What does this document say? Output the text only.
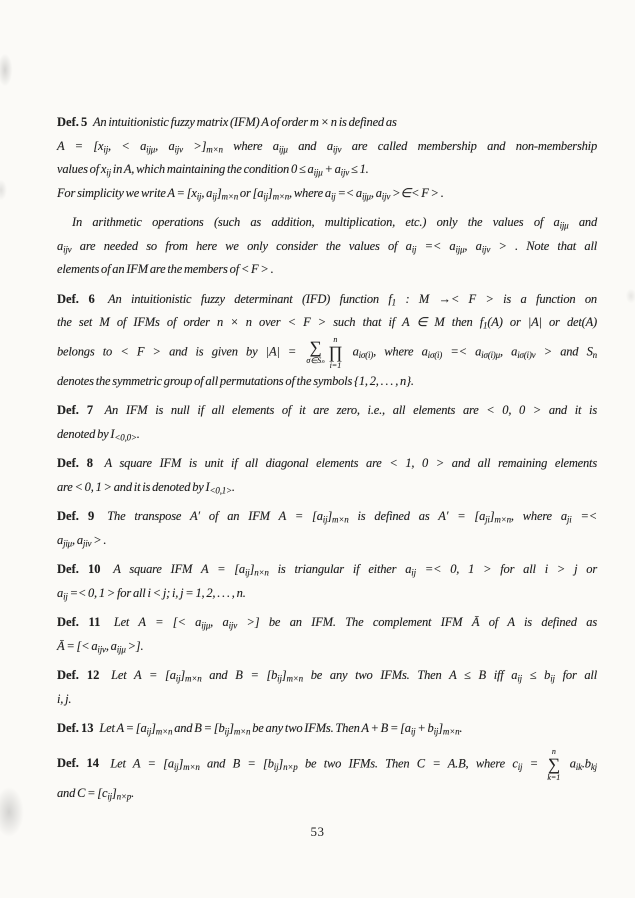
Def. 5 An intuitionistic fuzzy matrix (IFM) A of order m × n is defined as
$A = [x_{ij}$, < $a_{ij\mu}$, $a_{ij\nu} >]_{m\times n}$ where $a_{ij\mu}$ and $a_{ij\nu}$ are called membership and non-membership
values of $x_{ij}$ in A, which maintaining the condition $0 \le a_{ij\mu} + a_{ij\nu} \le 1$.
For simplicity we write $A = [x_{ij}$, $a_{ij}]_{m\times n}$ or $[a_{ij}]_{m\times n}$, where $a_{ij} =< a_{ij\mu}$, $a_{ij\nu}$ >∈< F > .
In arithmetic operations (such as addition, multiplication, etc.) only the values of $a_{ij\mu}$ and
$a_{ij\nu}$ are needed so from here we only consider the values of $a_{ij} =< a_{ij\mu}$, $a_{ij\nu}$ > . Note that all
elements of an IFM are the members of < F > .
Def. 6 An intuitionistic fuzzy determinant (IFD) function $f_1$ : M →< F > is a function on
the set M of IFMs of order n × n over < F > such that if A ∈ M then $f_1(A)$ or |A| or det(A)
belongs to < F > and is given by |A| = ∑
σ∈Sₙ
n
∏
i=1
$a_{i\sigma(i)}$, where $a_{i\sigma(i)} =< a_{i\sigma(i)\mu}$, $a_{i\sigma(i)\nu}$ > and $S_n$
denotes the symmetric group of all permutations of the symbols {1, 2, . . . , n}.
Def. 7 An IFM is null if all elements of it are zero, i.e., all elements are < 0, 0 > and it is
denoted by $I_{<0,0>}$.
Def. 8 A square IFM is unit if all diagonal elements are < 1, 0 > and all remaining elements
are < 0, 1 > and it is denoted by $I_{<0,1>}$.
Def. 9 The transpose A′ of an IFM $A = [a_{ij}]_{m\times n}$ is defined as $A' = [a_{ji}]_{m\times n}$, where $a_{ji}$ =<
$a_{ji\mu}$, $a_{ji\nu}$ > .
Def. 10 A square IFM $A = [a_{ij}]_{n\times n}$ is triangular if either $a_{ij} =< 0$, 1 > for all i > j or
$a_{ij} =< 0$, 1 > for all i < j; i, j = 1, 2, . . . , n.
Def. 11 Let A = [< $a_{ij\mu}$, $a_{ij\nu}$ >] be an IFM. The complement IFM Ā of A is defined as
Ā = [< $a_{ij\nu}$, $a_{ij\mu}$ >].
Def. 12 Let $A = [a_{ij}]_{m\times n}$ and $B = [b_{ij}]_{m\times n}$ be any two IFMs. Then A ≤ B iff $a_{ij} \le b_{ij}$ for all
i, j.
Def. 13 Let $A = [a_{ij}]_{m\times n}$ and $B = [b_{ij}]_{m\times n}$ be any two IFMs. Then $A + B = [a_{ij} + b_{ij}]_{m\times n}$.
Def. 14 Let $A = [a_{ij}]_{m\times n}$ and $B = [b_{ij}]_{n\times p}$ be two IFMs. Then C = A.B, where $c_{ij}$ =
n
∑
k=1
$a_{ik}.b_{kj}$
and $C = [c_{ij}]_{n\times p}$.
53
